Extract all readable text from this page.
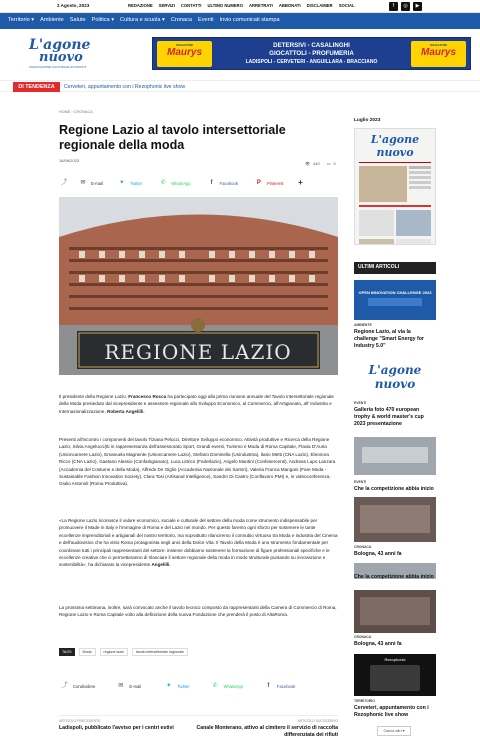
2 Agosto, 2023	REDAZIONE SERVIZI CONTATTI ULTIMO NUMERO ARRETRATI ABBONATI DISCLAIMER SOCIAL	f	◎	▶
Territorio ▾ Ambiente Salute Politica ▾ Cultura e scuola ▾ Cronaca Eventi Invio comunicati stampa
L'agone
nuovo
ASSOCIAZIONE CULTURALE NO PROFIT
MAGAZZINI
Maurys
DETERSIVI - CASALINGHI
GIOCATTOLI - PROFUMERIA
LADISPOLI - CERVETERI - ANGUILLARA - BRACCIANO
MAGAZZINI
Maurys
DI TENDENZA	Cerveteri, appuntamento con i Rezophonic live show
HOME › CRONACA
Regione Lazio al tavolo intersettoriale regionale della moda
16/06/2023
👁 440 ▭ 0
⤴	✉	E-mail	✦	Twitter	✆	WhatsApp	f	Facebook	P	Pinterest	+
REGIONE LAZIO

Il presidente della Regione Lazio, Francesco Rocca ha partecipato oggi alla prima riunione annuale del Tavolo intersettoriale regionale della Moda presieduto dal vicepresidente e assessore regionale allo Sviluppo Economico, al Commercio, all'Artigianato, all' Industria e Internazionalizzazione, Roberta Angelilli.

Presenti all'incontro i componenti del tavolo Tiziana Pelucci, Direttore Sviluppo economico, Attività produttive e Ricerca della Regione Lazio, Silvia Angelucci(tti in rappresentanza dell'assessorato Sport, Grandi eventi, Turismo e Moda di Roma Capitale, Flavia D'Auria (Unioncamere Lazio), Emanuela Magnente (Unioncamere Lazio), Stefano Dominella (Unindustria), Ilario Metti (CNA Lazio), Eleonora Ricco (CNA Lazio), Gaetano Alessio (Confartigianato), Luca Littrico (Federlazio), Angelo Mantini (Confesercenti), Andreas Lupo Lanzara (Accademia del Costume e della Moda), Alfredo De Giglio (Accademia Nazionale dei Sartori), Valeria Franca Mangani (Fare Moda - Sustainable Fashion Innovation Society), Clara Tosi (Artisanal Intelligence), Sandro Di Castro (Conflavoro PMI) e, in videoconferenza, Giulio Antonoli (Roma Produttiva).

«La Regione Lazio riconosce il valore economico, sociale e culturale del settore della moda come strumento indispensabile per promuovere il Made in Italy e l'immagine di Roma e del Lazio nel mondo. Per questo faremo ogni sforzo per sostenere le tante eccellenze imprenditoriali e artigianali del nostro territorio, ma soprattutto rilanciremo il connubio virtuoso tra Moda e industria del Cinema e dell'audiovisivo che ha visto Roma protagonista negli anni della Dolce Vita. Il Tavolo della Moda è uno strumento fondamentale per coordinare tutti i principali rappresentanti del settore: insieme dobbiamo sostenere la formazione di figure professionali specifiche e le eccellenze creative che ci permetteranno di rilanciare il settore regionale della moda in modo strutturale puntando su innovazione e sostenibilità», ha dichiarato la vicepresidente Angelilli.

La prossima settimana, inoltre, sarà convocato anche il tavolo tecnico composto da rappresentanti della Camera di Commercio di Roma, Regione Lazio e Roma Capitale volto alla definizione della nuova Fondazione che prenderà il posto di AltaRoma.

TAGS	Moda	regione lazio	tavolo intersettoriale regionale
⤴	Condividere	✉	E-mail	✦	Twitter	✆	WhatsApp	f	Facebook
ARTICOLO PRECEDENTE
Ladispoli, pubblicato l'avviso per i centri estivi
ARTICOLO SUCCESSIVO
Canale Monterano, attivo al cimitero il servizio di raccolta differenziata dei rifiuti
Luglio 2023
L'agone nuovo
ULTIMI ARTICOLI
OPEN INNOVATION CHALLENGE 2023
AMBIENTE
Regione Lazio, al via la challenge "Smart Energy for Industry 5.0"
L'agone nuovo
EVENTI
Galleria foto 470 european trophy & world master's cup 2023 presentazione
EVENTI
Che la competizione abbia inizio
CRONACA
Bologna, 43 anni fa
Che la competizione abbia inizio
CRONACA
Bologna, 43 anni fa
Rezophonic
TERRITORIO
Cerveteri, appuntamento con i Rezophonic live show
Carica altri ▾
